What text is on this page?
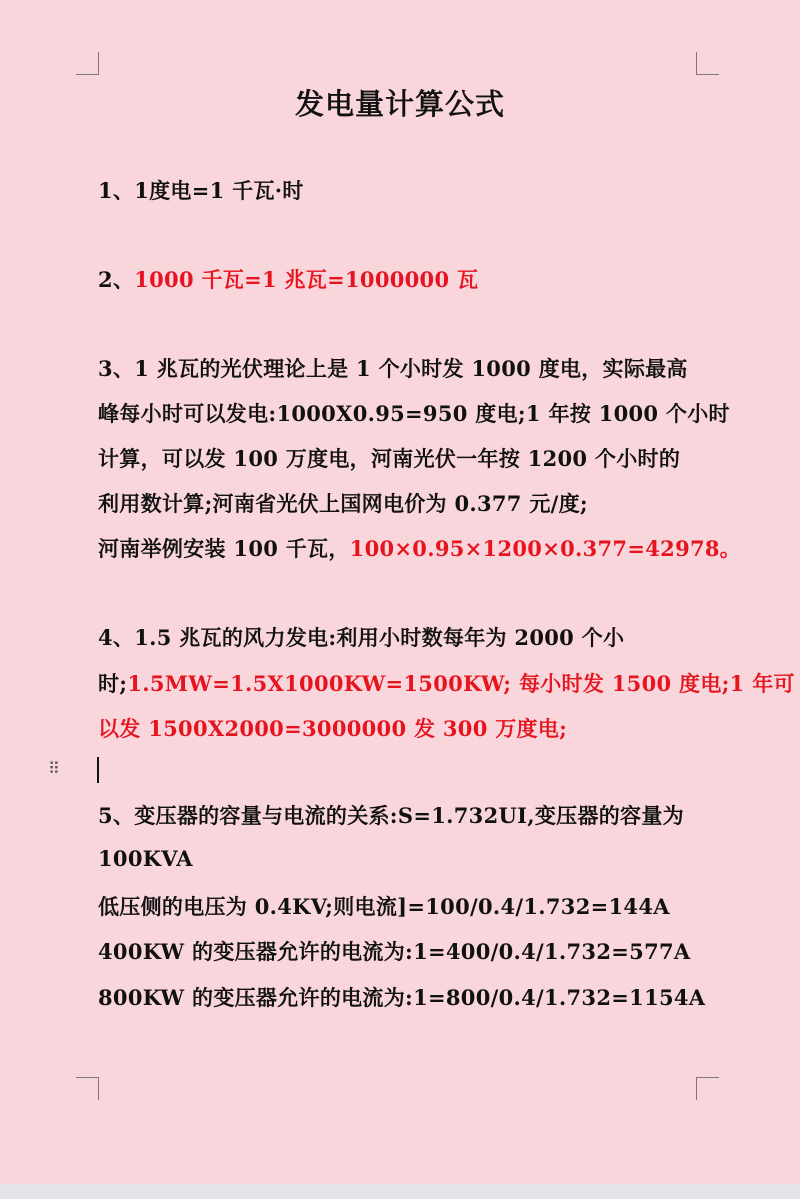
发电量计算公式
1、1度电=1 千瓦·时
2、1000 千瓦=1 兆瓦=1000000 瓦
3、1 兆瓦的光伏理论上是 1 个小时发 1000 度电，实际最高
峰每小时可以发电:1000X0.95=950 度电;1 年按 1000 个小时
计算，可以发 100 万度电，河南光伏一年按 1200 个小时的
利用数计算;河南省光伏上国网电价为 0.377 元/度;
河南举例安装 100 千瓦，100×0.95×1200×0.377=42978。
4、1.5 兆瓦的风力发电:利用小时数每年为 2000 个小
时;1.5MW=1.5X1000KW=1500KW; 每小时发 1500 度电;1 年可
以发 1500X2000=3000000 发 300 万度电;
⠿
5、变压器的容量与电流的关系:S=1.732UI,变压器的容量为
100KVA
低压侧的电压为 0.4KV;则电流]=100/0.4/1.732=144A
400KW 的变压器允许的电流为:1=400/0.4/1.732=577A
800KW 的变压器允许的电流为:1=800/0.4/1.732=1154A
